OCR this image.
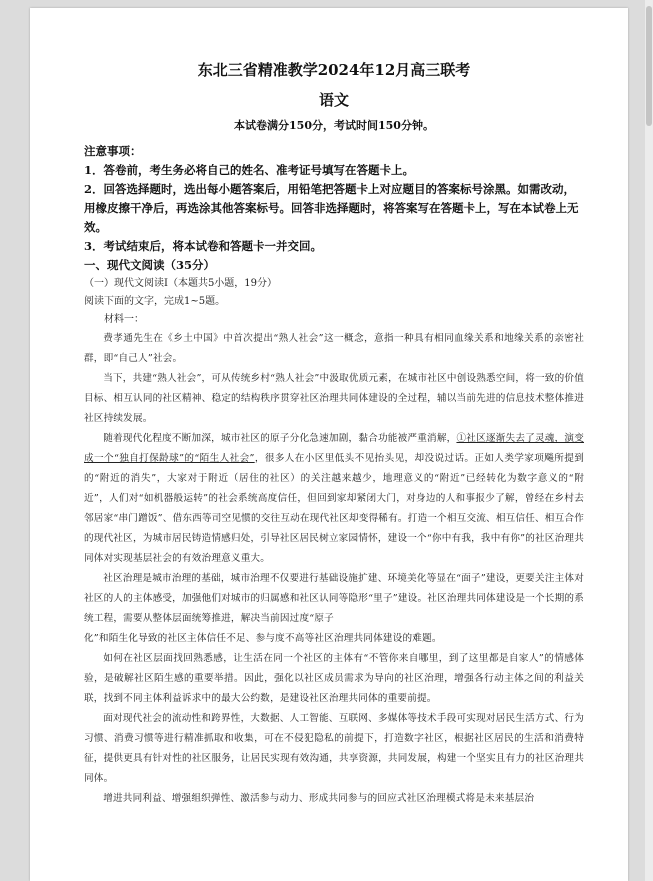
东北三省精准教学2024年12月高三联考

语文

本试卷满分150分，考试时间150分钟。

注意事项：

1．答卷前，考生务必将自己的姓名、准考证号填写在答题卡上。

2．回答选择题时，选出每小题答案后，用铅笔把答题卡上对应题目的答案标号涂黑。如需改动，用橡皮擦干净后，再选涂其他答案标号。回答非选择题时，将答案写在答题卡上，写在本试卷上无效。

3．考试结束后，将本试卷和答题卡一并交回。

一、现代文阅读（35分）

（一）现代文阅读Ⅰ（本题共5小题，19分）

阅读下面的文字，完成1~5题。

材料一：

费孝通先生在《乡土中国》中首次提出“熟人社会”这一概念，意指一种具有相同血缘关系和地缘关系的亲密社群，即“自己人”社会。

当下，共建“熟人社会”，可从传统乡村“熟人社会”中汲取优质元素，在城市社区中创设熟悉空间，将一致的价值目标、相互认同的社区精神、稳定的结构秩序贯穿社区治理共同体建设的全过程，辅以当前先进的信息技术整体推进社区持续发展。

随着现代化程度不断加深，城市社区的原子分化急速加剧，黏合功能被严重消解，①社区逐渐失去了灵魂，演变成一个“独自打保龄球”的“陌生人社会”，很多人在小区里低头不见抬头见，却没说过话。正如人类学家项飚所提到的“附近的消失”，大家对于附近（居住的社区）的关注越来越少，地理意义的“附近”已经转化为数字意义的“附近”，人们对“如机器般运转”的社会系统高度信任，但回到家却紧闭大门，对身边的人和事报少了解，曾经在乡村去邻居家“串门蹭饭”、借东西等司空见惯的交往互动在现代社区却变得稀有。打造一个相互交流、相互信任、相互合作的现代社区，为城市居民铸造情感归处，引导社区居民树立家园情怀，建设一个“你中有我，我中有你”的社区治理共同体对实现基层社会的有效治理意义重大。

社区治理是城市治理的基础，城市治理不仅要进行基础设施扩建、环境美化等显在“面子”建设，更要关注主体对社区的人的主体感受，加强他们对城市的归属感和社区认同等隐形“里子”建设。社区治理共同体建设是一个长期的系统工程，需要从整体层面统筹推进，解决当前因过度“原子

化”和陌生化导致的社区主体信任不足、参与度不高等社区治理共同体建设的难题。

如何在社区层面找回熟悉感，让生活在同一个社区的主体有“不管你来自哪里，到了这里都是自家人”的情感体验，是破解社区陌生感的重要举措。因此，强化以社区成员需求为导向的社区治理，增强各行动主体之间的利益关联，找到不同主体利益诉求中的最大公约数，是建设社区治理共同体的重要前提。

面对现代社会的流动性和跨界性，大数据、人工智能、互联网、多媒体等技术手段可实现对居民生活方式、行为习惯、消费习惯等进行精准抓取和收集，可在不侵犯隐私的前提下，打造数字社区，根据社区居民的生活和消费特征，提供更具有针对性的社区服务，让居民实现有效沟通，共享资源，共同发展，构建一个坚实且有力的社区治理共同体。

增进共同利益、增强组织弹性、激活参与动力、形成共同参与的回应式社区治理模式将是未来基层治
